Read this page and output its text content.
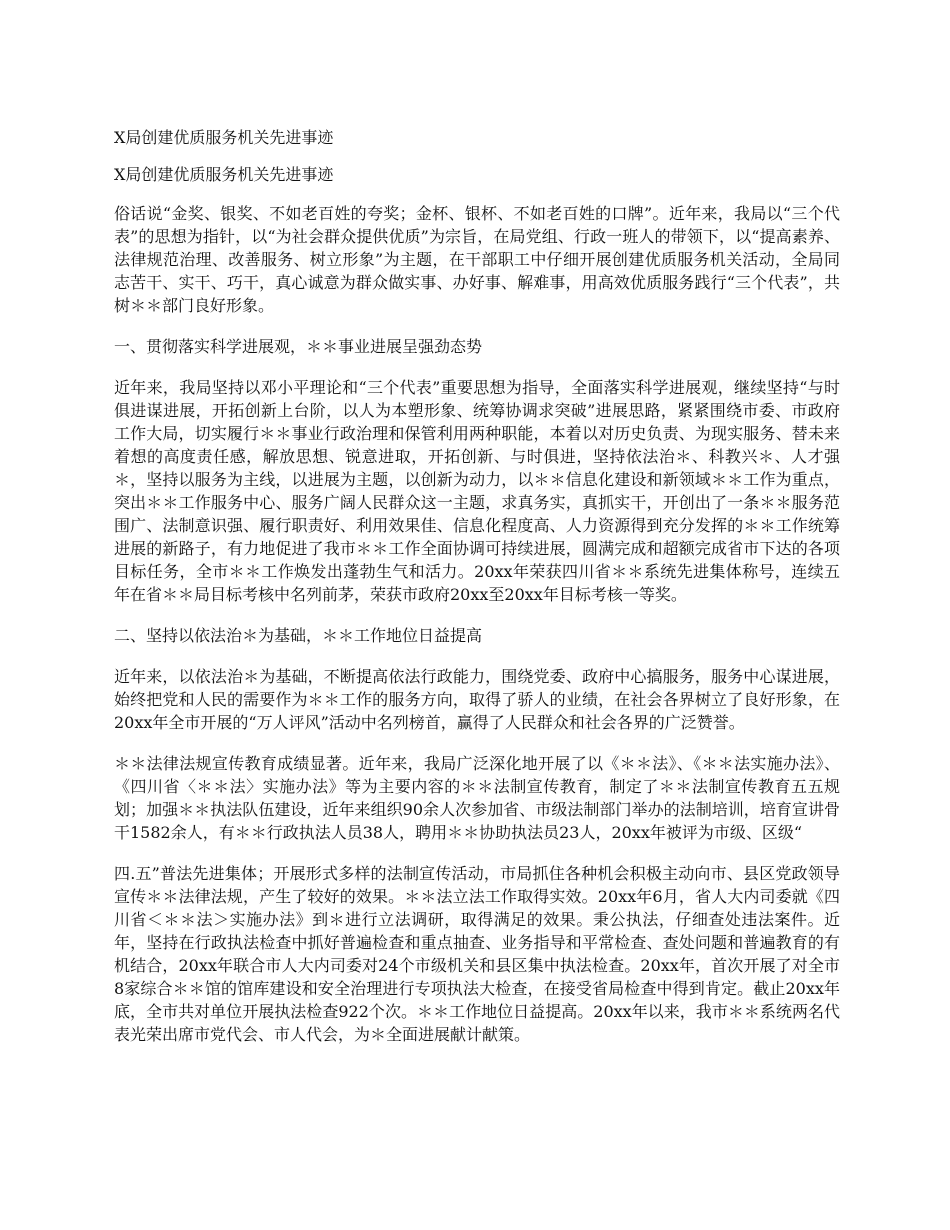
X局创建优质服务机关先进事迹

X局创建优质服务机关先进事迹

俗话说“金奖、银奖、不如老百姓的夸奖；金杯、银杯、不如老百姓的口牌”。近年来，我局以“三个代表”的思想为指针，以“为社会群众提供优质”为宗旨，在局党组、行政一班人的带领下，以“提高素养、法律规范治理、改善服务、树立形象”为主题，在干部职工中仔细开展创建优质服务机关活动，全局同志苦干、实干、巧干，真心诚意为群众做实事、办好事、解难事，用高效优质服务践行“三个代表”，共树＊＊部门良好形象。

一、贯彻落实科学进展观，＊＊事业进展呈强劲态势

近年来，我局坚持以邓小平理论和“三个代表”重要思想为指导，全面落实科学进展观，继续坚持“与时俱进谋进展，开拓创新上台阶，以人为本塑形象、统筹协调求突破”进展思路，紧紧围绕市委、市政府工作大局，切实履行＊＊事业行政治理和保管利用两种职能，本着以对历史负责、为现实服务、替未来着想的高度责任感，解放思想、锐意进取，开拓创新、与时俱进，坚持依法治＊、科教兴＊、人才强＊，坚持以服务为主线，以进展为主题，以创新为动力，以＊＊信息化建设和新领域＊＊工作为重点，突出＊＊工作服务中心、服务广阔人民群众这一主题，求真务实，真抓实干，开创出了一条＊＊服务范围广、法制意识强、履行职责好、利用效果佳、信息化程度高、人力资源得到充分发挥的＊＊工作统筹进展的新路子，有力地促进了我市＊＊工作全面协调可持续进展，圆满完成和超额完成省市下达的各项目标任务，全市＊＊工作焕发出蓬勃生气和活力。20xx年荣获四川省＊＊系统先进集体称号，连续五年在省＊＊局目标考核中名列前茅，荣获市政府20xx至20xx年目标考核一等奖。

二、坚持以依法治＊为基础，＊＊工作地位日益提高

近年来，以依法治＊为基础，不断提高依法行政能力，围绕党委、政府中心搞服务，服务中心谋进展，始终把党和人民的需要作为＊＊工作的服务方向，取得了骄人的业绩，在社会各界树立了良好形象，在20xx年全市开展的“万人评风”活动中名列榜首，赢得了人民群众和社会各界的广泛赞誉。

＊＊法律法规宣传教育成绩显著。近年来，我局广泛深化地开展了以《＊＊法》、《＊＊法实施办法》、《四川省〈＊＊法〉实施办法》等为主要内容的＊＊法制宣传教育，制定了＊＊法制宣传教育五五规划；加强＊＊执法队伍建设，近年来组织90余人次参加省、市级法制部门举办的法制培训，培育宣讲骨干1582余人，有＊＊行政执法人员38人，聘用＊＊协助执法员23人，20xx年被评为市级、区级“

四.五”普法先进集体；开展形式多样的法制宣传活动，市局抓住各种机会积极主动向市、县区党政领导宣传＊＊法律法规，产生了较好的效果。＊＊法立法工作取得实效。20xx年6月，省人大内司委就《四川省＜＊＊法＞实施办法》到＊进行立法调研，取得满足的效果。秉公执法，仔细查处违法案件。近年，坚持在行政执法检查中抓好普遍检查和重点抽查、业务指导和平常检查、查处问题和普遍教育的有机结合，20xx年联合市人大内司委对24个市级机关和县区集中执法检查。20xx年，首次开展了对全市8家综合＊＊馆的馆库建设和安全治理进行专项执法大检查，在接受省局检查中得到肯定。截止20xx年底，全市共对单位开展执法检查922个次。＊＊工作地位日益提高。20xx年以来，我市＊＊系统两名代表光荣出席市党代会、市人代会，为＊全面进展献计献策。
